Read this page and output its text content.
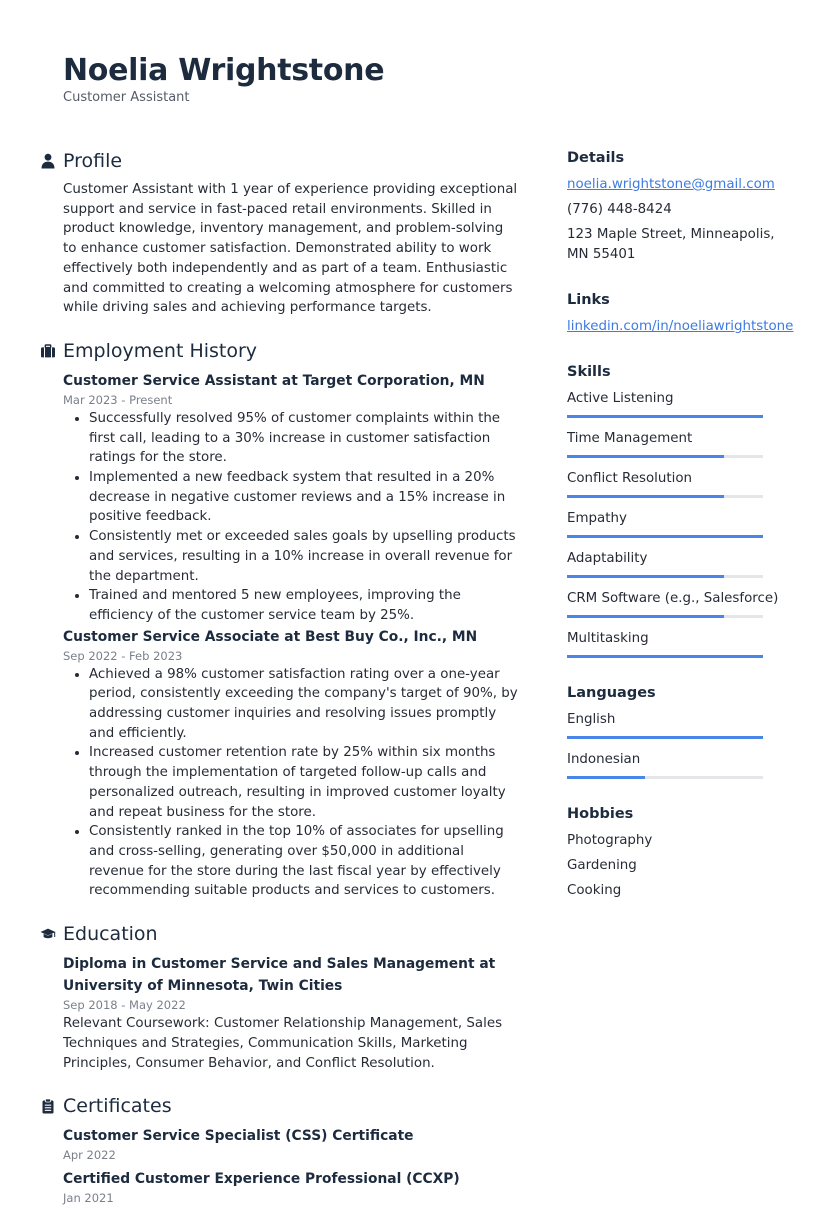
Noelia Wrightstone
Customer Assistant
Profile
Customer Assistant with 1 year of experience providing exceptional support and service in fast-paced retail environments. Skilled in product knowledge, inventory management, and problem-solving to enhance customer satisfaction. Demonstrated ability to work effectively both independently and as part of a team. Enthusiastic and committed to creating a welcoming atmosphere for customers while driving sales and achieving performance targets.
Employment History
Customer Service Assistant at Target Corporation, MN
Mar 2023 - Present
• Successfully resolved 95% of customer complaints within the first call, leading to a 30% increase in customer satisfaction ratings for the store.
• Implemented a new feedback system that resulted in a 20% decrease in negative customer reviews and a 15% increase in positive feedback.
• Consistently met or exceeded sales goals by upselling products and services, resulting in a 10% increase in overall revenue for the department.
• Trained and mentored 5 new employees, improving the efficiency of the customer service team by 25%.
Customer Service Associate at Best Buy Co., Inc., MN
Sep 2022 - Feb 2023
• Achieved a 98% customer satisfaction rating over a one-year period, consistently exceeding the company's target of 90%, by addressing customer inquiries and resolving issues promptly and efficiently.
• Increased customer retention rate by 25% within six months through the implementation of targeted follow-up calls and personalized outreach, resulting in improved customer loyalty and repeat business for the store.
• Consistently ranked in the top 10% of associates for upselling and cross-selling, generating over $50,000 in additional revenue for the store during the last fiscal year by effectively recommending suitable products and services to customers.
Education
Diploma in Customer Service and Sales Management at University of Minnesota, Twin Cities
Sep 2018 - May 2022
Relevant Coursework: Customer Relationship Management, Sales Techniques and Strategies, Communication Skills, Marketing Principles, Consumer Behavior, and Conflict Resolution.
Certificates
Customer Service Specialist (CSS) Certificate
Apr 2022
Certified Customer Experience Professional (CCXP)
Jan 2021
Details
noelia.wrightstone@gmail.com
(776) 448-8424
123 Maple Street, Minneapolis, MN 55401
Links
linkedin.com/in/noeliawrightstone
Skills
Active Listening
Time Management
Conflict Resolution
Empathy
Adaptability
CRM Software (e.g., Salesforce)
Multitasking
Languages
English
Indonesian
Hobbies
Photography
Gardening
Cooking
